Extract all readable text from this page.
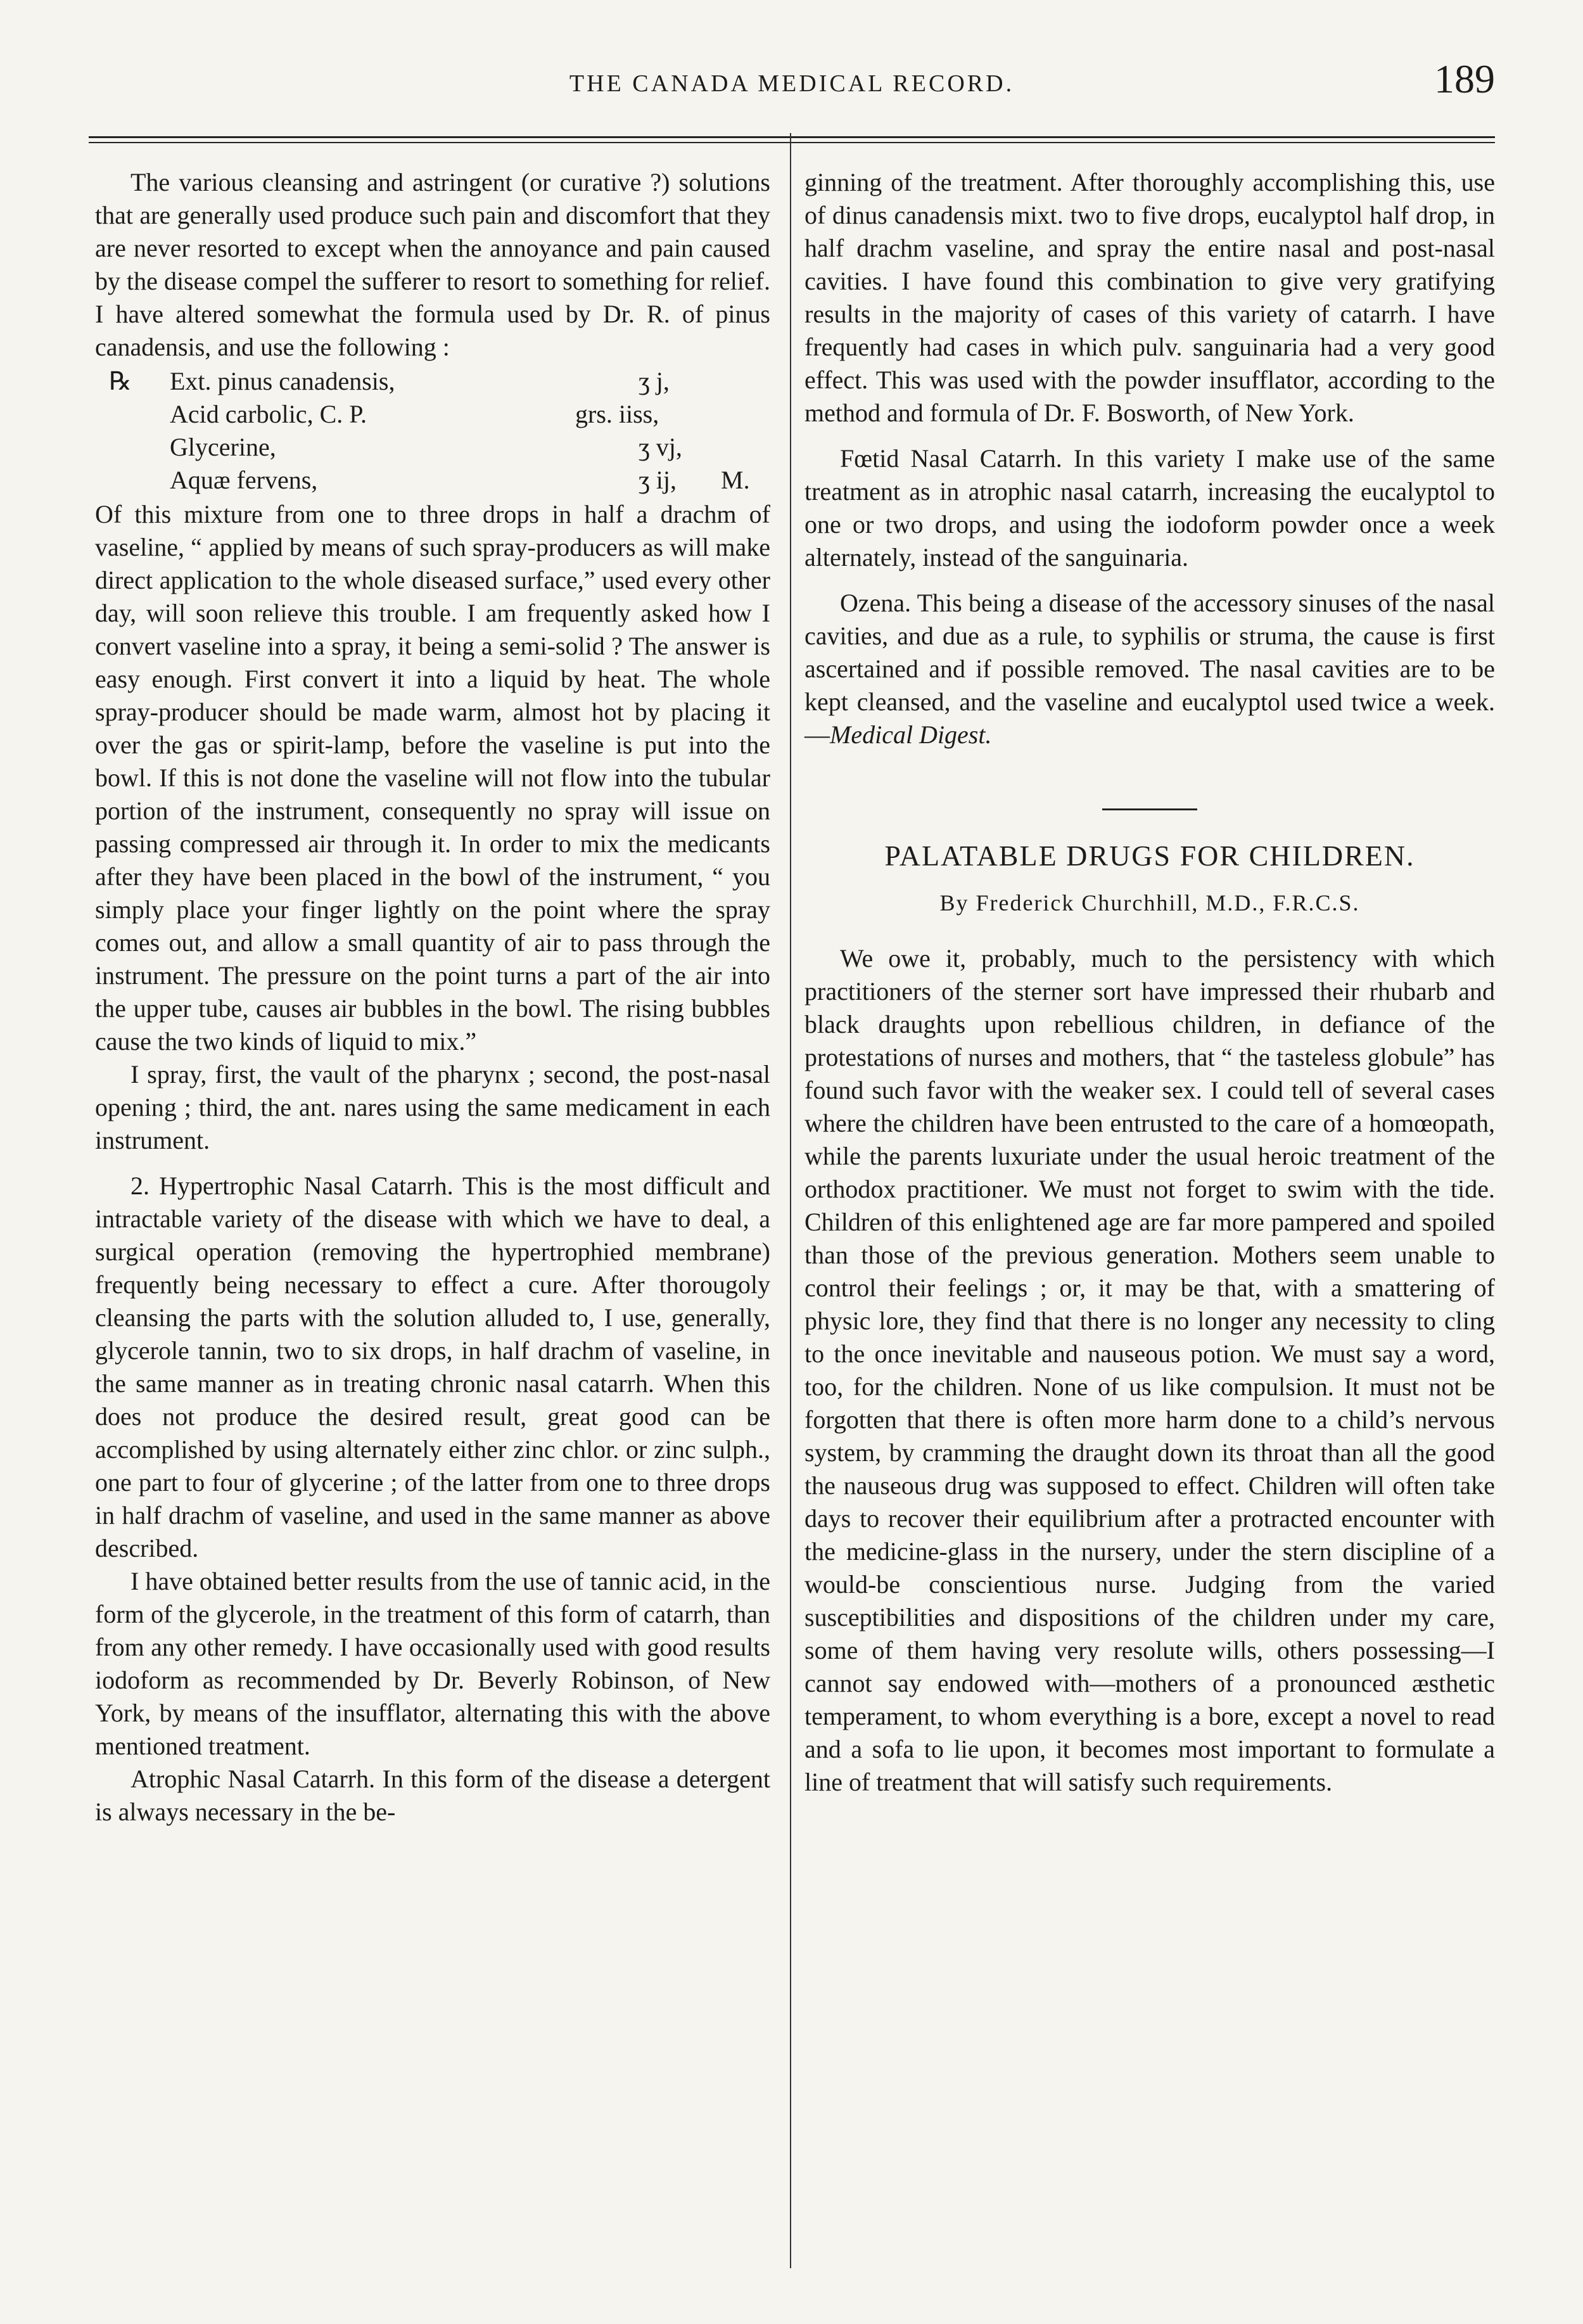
THE CANADA MEDICAL RECORD.	189

The various cleansing and astringent (or curative ?) solutions that are generally used produce such pain and discomfort that they are never resorted to except when the annoyance and pain caused by the disease compel the sufferer to resort to something for relief. I have altered somewhat the formula used by Dr. R. of pinus canadensis, and use the following :

℞ Ext. pinus canadensis,	ʒ j,
Acid carbolic, C. P.	grs. iiss,
Glycerine,	ʒ vj,
Aquæ fervens,	ʒ ij, M.

Of this mixture from one to three drops in half a drachm of vaseline, “ applied by means of such spray-producers as will make direct application to the whole diseased surface,” used every other day, will soon relieve this trouble. I am frequently asked how I convert vaseline into a spray, it being a semi-solid ? The answer is easy enough. First convert it into a liquid by heat. The whole spray-producer should be made warm, almost hot by placing it over the gas or spirit-lamp, before the vaseline is put into the bowl. If this is not done the vaseline will not flow into the tubular portion of the instrument, consequently no spray will issue on passing compressed air through it. In order to mix the medicants after they have been placed in the bowl of the instrument, “ you simply place your finger lightly on the point where the spray comes out, and allow a small quantity of air to pass through the instrument. The pressure on the point turns a part of the air into the upper tube, causes air bubbles in the bowl. The rising bubbles cause the two kinds of liquid to mix.”

I spray, first, the vault of the pharynx ; second, the post-nasal opening ; third, the ant. nares using the same medicament in each instrument.

2. Hypertrophic Nasal Catarrh. This is the most difficult and intractable variety of the disease with which we have to deal, a surgical operation (removing the hypertrophied membrane) frequently being necessary to effect a cure. After thorougoly cleansing the parts with the solution alluded to, I use, generally, glycerole tannin, two to six drops, in half drachm of vaseline, in the same manner as in treating chronic nasal catarrh. When this does not produce the desired result, great good can be accomplished by using alternately either zinc chlor. or zinc sulph., one part to four of glycerine ; of the latter from one to three drops in half drachm of vaseline, and used in the same manner as above described.

I have obtained better results from the use of tannic acid, in the form of the glycerole, in the treatment of this form of catarrh, than from any other remedy. I have occasionally used with good results iodoform as recommended by Dr. Beverly Robinson, of New York, by means of the insufflator, alternating this with the above mentioned treatment.

Atrophic Nasal Catarrh. In this form of the disease a detergent is always necessary in the be-

ginning of the treatment. After thoroughly accomplishing this, use of dinus canadensis mixt. two to five drops, eucalyptol half drop, in half drachm vaseline, and spray the entire nasal and post-nasal cavities. I have found this combination to give very gratifying results in the majority of cases of this variety of catarrh. I have frequently had cases in which pulv. sanguinaria had a very good effect. This was used with the powder insufflator, according to the method and formula of Dr. F. Bosworth, of New York.

Fœtid Nasal Catarrh. In this variety I make use of the same treatment as in atrophic nasal catarrh, increasing the eucalyptol to one or two drops, and using the iodoform powder once a week alternately, instead of the sanguinaria.

Ozena. This being a disease of the accessory sinuses of the nasal cavities, and due as a rule, to syphilis or struma, the cause is first ascertained and if possible removed. The nasal cavities are to be kept cleansed, and the vaseline and eucalyptol used twice a week.—Medical Digest.

PALATABLE DRUGS FOR CHILDREN.

By Frederick Churchhill, M.D., F.R.C.S.

We owe it, probably, much to the persistency with which practitioners of the sterner sort have impressed their rhubarb and black draughts upon rebellious children, in defiance of the protestations of nurses and mothers, that “ the tasteless globule” has found such favor with the weaker sex. I could tell of several cases where the children have been entrusted to the care of a homœopath, while the parents luxuriate under the usual heroic treatment of the orthodox practitioner. We must not forget to swim with the tide. Children of this enlightened age are far more pampered and spoiled than those of the previous generation. Mothers seem unable to control their feelings ; or, it may be that, with a smattering of physic lore, they find that there is no longer any necessity to cling to the once inevitable and nauseous potion. We must say a word, too, for the children. None of us like compulsion. It must not be forgotten that there is often more harm done to a child’s nervous system, by cramming the draught down its throat than all the good the nauseous drug was supposed to effect. Children will often take days to recover their equilibrium after a protracted encounter with the medicine-glass in the nursery, under the stern discipline of a would-be conscientious nurse. Judging from the varied susceptibilities and dispositions of the children under my care, some of them having very resolute wills, others possessing—I cannot say endowed with—mothers of a pronounced æsthetic temperament, to whom everything is a bore, except a novel to read and a sofa to lie upon, it becomes most important to formulate a line of treatment that will satisfy such requirements.
